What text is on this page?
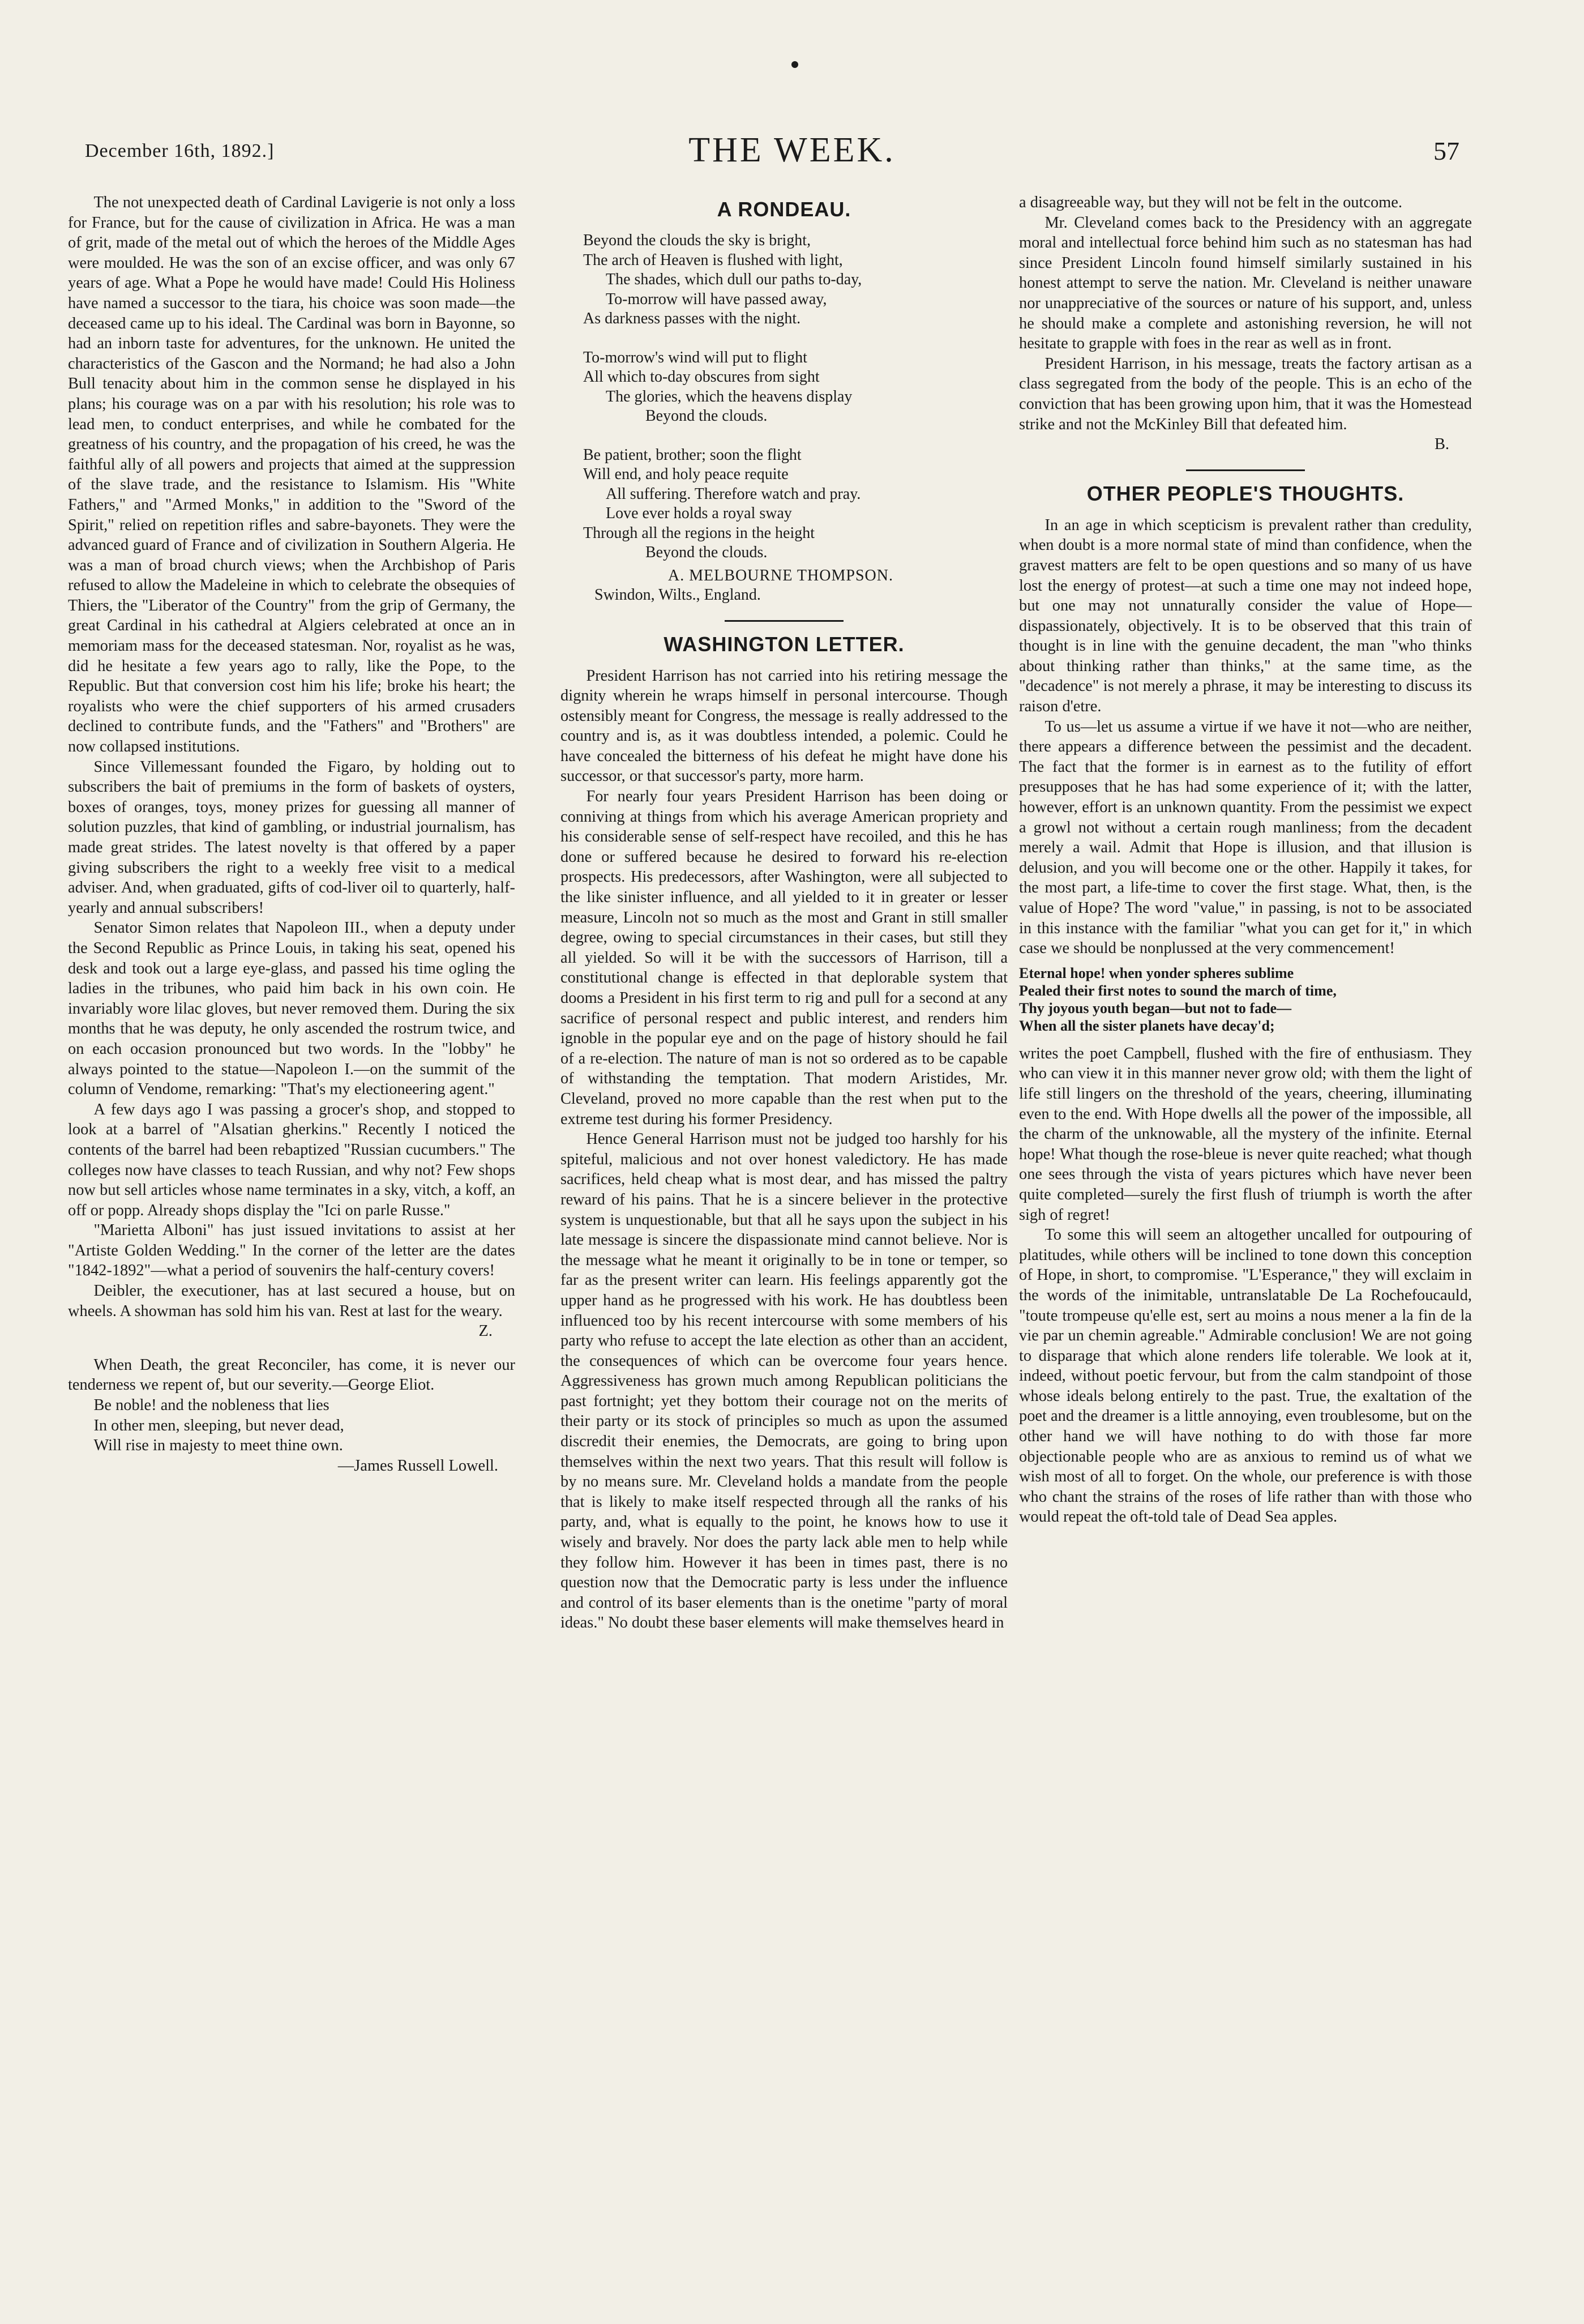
December 16th, 1892.]	THE WEEK.	57

The not unexpected death of Cardinal Lavigerie is not only a loss for France, but for the cause of civilization in Africa. He was a man of grit, made of the metal out of which the heroes of the Middle Ages were moulded. He was the son of an excise officer, and was only 67 years of age. What a Pope he would have made! Could His Holiness have named a successor to the tiara, his choice was soon made—the deceased came up to his ideal. The Cardinal was born in Bayonne, so had an inborn taste for adventures, for the unknown. He united the characteristics of the Gascon and the Normand; he had also a John Bull tenacity about him in the common sense he displayed in his plans; his courage was on a par with his resolution; his role was to lead men, to conduct enterprises, and while he combated for the greatness of his country, and the propagation of his creed, he was the faithful ally of all powers and projects that aimed at the suppression of the slave trade, and the resistance to Islamism. His "White Fathers," and "Armed Monks," in addition to the "Sword of the Spirit," relied on repetition rifles and sabre-bayonets. They were the advanced guard of France and of civilization in Southern Algeria. He was a man of broad church views; when the Archbishop of Paris refused to allow the Madeleine in which to celebrate the obsequies of Thiers, the "Liberator of the Country" from the grip of Germany, the great Cardinal in his cathedral at Algiers celebrated at once an in memoriam mass for the deceased statesman. Nor, royalist as he was, did he hesitate a few years ago to rally, like the Pope, to the Republic. But that conversion cost him his life; broke his heart; the royalists who were the chief supporters of his armed crusaders declined to contribute funds, and the "Fathers" and "Brothers" are now collapsed institutions.

Since Villemessant founded the Figaro, by holding out to subscribers the bait of premiums in the form of baskets of oysters, boxes of oranges, toys, money prizes for guessing all manner of solution puzzles, that kind of gambling, or industrial journalism, has made great strides. The latest novelty is that offered by a paper giving subscribers the right to a weekly free visit to a medical adviser. And, when graduated, gifts of cod-liver oil to quarterly, half-yearly and annual subscribers!

Senator Simon relates that Napoleon III., when a deputy under the Second Republic as Prince Louis, in taking his seat, opened his desk and took out a large eye-glass, and passed his time ogling the ladies in the tribunes, who paid him back in his own coin. He invariably wore lilac gloves, but never removed them. During the six months that he was deputy, he only ascended the rostrum twice, and on each occasion pronounced but two words. In the "lobby" he always pointed to the statue—Napoleon I.—on the summit of the column of Vendome, remarking: "That's my electioneering agent."

A few days ago I was passing a grocer's shop, and stopped to look at a barrel of "Alsatian gherkins." Recently I noticed the contents of the barrel had been rebaptized "Russian cucumbers." The colleges now have classes to teach Russian, and why not? Few shops now but sell articles whose name terminates in a sky, vitch, a koff, an off or popp. Already shops display the "Ici on parle Russe."

"Marietta Alboni" has just issued invitations to assist at her "Artiste Golden Wedding." In the corner of the letter are the dates "1842-1892"—what a period of souvenirs the half-century covers!

Deibler, the executioner, has at last secured a house, but on wheels. A showman has sold him his van. Rest at last for the weary.

Z.

When Death, the great Reconciler, has come, it is never our tenderness we repent of, but our severity.—George Eliot.

Be noble! and the nobleness that lies

In other men, sleeping, but never dead,

Will rise in majesty to meet thine own.

—James Russell Lowell.
A RONDEAU.
Beyond the clouds the sky is bright,
The arch of Heaven is flushed with light,
The shades, which dull our paths to-day,
To-morrow will have passed away,
As darkness passes with the night.
To-morrow's wind will put to flight
All which to-day obscures from sight
The glories, which the heavens display
Beyond the clouds.
Be patient, brother; soon the flight
Will end, and holy peace requite
All suffering. Therefore watch and pray.
Love ever holds a royal sway
Through all the regions in the height
Beyond the clouds.
A. MELBOURNE THOMPSON.
Swindon, Wilts., England.
WASHINGTON LETTER.

President Harrison has not carried into his retiring message the dignity wherein he wraps himself in personal intercourse. Though ostensibly meant for Congress, the message is really addressed to the country and is, as it was doubtless intended, a polemic. Could he have concealed the bitterness of his defeat he might have done his successor, or that successor's party, more harm.

For nearly four years President Harrison has been doing or conniving at things from which his average American propriety and his considerable sense of self-respect have recoiled, and this he has done or suffered because he desired to forward his re-election prospects. His predecessors, after Washington, were all subjected to the like sinister influence, and all yielded to it in greater or lesser measure, Lincoln not so much as the most and Grant in still smaller degree, owing to special circumstances in their cases, but still they all yielded. So will it be with the successors of Harrison, till a constitutional change is effected in that deplorable system that dooms a President in his first term to rig and pull for a second at any sacrifice of personal respect and public interest, and renders him ignoble in the popular eye and on the page of history should he fail of a re-election. The nature of man is not so ordered as to be capable of withstanding the temptation. That modern Aristides, Mr. Cleveland, proved no more capable than the rest when put to the extreme test during his former Presidency.

Hence General Harrison must not be judged too harshly for his spiteful, malicious and not over honest valedictory. He has made sacrifices, held cheap what is most dear, and has missed the paltry reward of his pains. That he is a sincere believer in the protective system is unquestionable, but that all he says upon the subject in his late message is sincere the dispassionate mind cannot believe. Nor is the message what he meant it originally to be in tone or temper, so far as the present writer can learn. His feelings apparently got the upper hand as he progressed with his work. He has doubtless been influenced too by his recent intercourse with some members of his party who refuse to accept the late election as other than an accident, the consequences of which can be overcome four years hence. Aggressiveness has grown much among Republican politicians the past fortnight; yet they bottom their courage not on the merits of their party or its stock of principles so much as upon the assumed discredit their enemies, the Democrats, are going to bring upon themselves within the next two years. That this result will follow is by no means sure. Mr. Cleveland holds a mandate from the people that is likely to make itself respected through all the ranks of his party, and, what is equally to the point, he knows how to use it wisely and bravely. Nor does the party lack able men to help while they follow him. However it has been in times past, there is no question now that the Democratic party is less under the influence and control of its baser elements than is the onetime "party of moral ideas." No doubt these baser elements will make themselves heard in

a disagreeable way, but they will not be felt in the outcome.

Mr. Cleveland comes back to the Presidency with an aggregate moral and intellectual force behind him such as no statesman has had since President Lincoln found himself similarly sustained in his honest attempt to serve the nation. Mr. Cleveland is neither unaware nor unappreciative of the sources or nature of his support, and, unless he should make a complete and astonishing reversion, he will not hesitate to grapple with foes in the rear as well as in front.

President Harrison, in his message, treats the factory artisan as a class segregated from the body of the people. This is an echo of the conviction that has been growing upon him, that it was the Homestead strike and not the McKinley Bill that defeated him.

B.
OTHER PEOPLE'S THOUGHTS.

In an age in which scepticism is prevalent rather than credulity, when doubt is a more normal state of mind than confidence, when the gravest matters are felt to be open questions and so many of us have lost the energy of protest—at such a time one may not indeed hope, but one may not unnaturally consider the value of Hope—dispassionately, objectively. It is to be observed that this train of thought is in line with the genuine decadent, the man "who thinks about thinking rather than thinks," at the same time, as the "decadence" is not merely a phrase, it may be interesting to discuss its raison d'etre.

To us—let us assume a virtue if we have it not—who are neither, there appears a difference between the pessimist and the decadent. The fact that the former is in earnest as to the futility of effort presupposes that he has had some experience of it; with the latter, however, effort is an unknown quantity. From the pessimist we expect a growl not without a certain rough manliness; from the decadent merely a wail. Admit that Hope is illusion, and that illusion is delusion, and you will become one or the other. Happily it takes, for the most part, a life-time to cover the first stage. What, then, is the value of Hope? The word "value," in passing, is not to be associated in this instance with the familiar "what you can get for it," in which case we should be nonplussed at the very commencement!

Eternal hope! when yonder spheres sublime
Pealed their first notes to sound the march of time,
Thy joyous youth began—but not to fade—
When all the sister planets have decay'd;

writes the poet Campbell, flushed with the fire of enthusiasm. They who can view it in this manner never grow old; with them the light of life still lingers on the threshold of the years, cheering, illuminating even to the end. With Hope dwells all the power of the impossible, all the charm of the unknowable, all the mystery of the infinite. Eternal hope! What though the rose-bleue is never quite reached; what though one sees through the vista of years pictures which have never been quite completed—surely the first flush of triumph is worth the after sigh of regret!

To some this will seem an altogether uncalled for outpouring of platitudes, while others will be inclined to tone down this conception of Hope, in short, to compromise. "L'Esperance," they will exclaim in the words of the inimitable, untranslatable De La Rochefoucauld, "toute trompeuse qu'elle est, sert au moins a nous mener a la fin de la vie par un chemin agreable." Admirable conclusion! We are not going to disparage that which alone renders life tolerable. We look at it, indeed, without poetic fervour, but from the calm standpoint of those whose ideals belong entirely to the past. True, the exaltation of the poet and the dreamer is a little annoying, even troublesome, but on the other hand we will have nothing to do with those far more objectionable people who are as anxious to remind us of what we wish most of all to forget. On the whole, our preference is with those who chant the strains of the roses of life rather than with those who would repeat the oft-told tale of Dead Sea apples.
